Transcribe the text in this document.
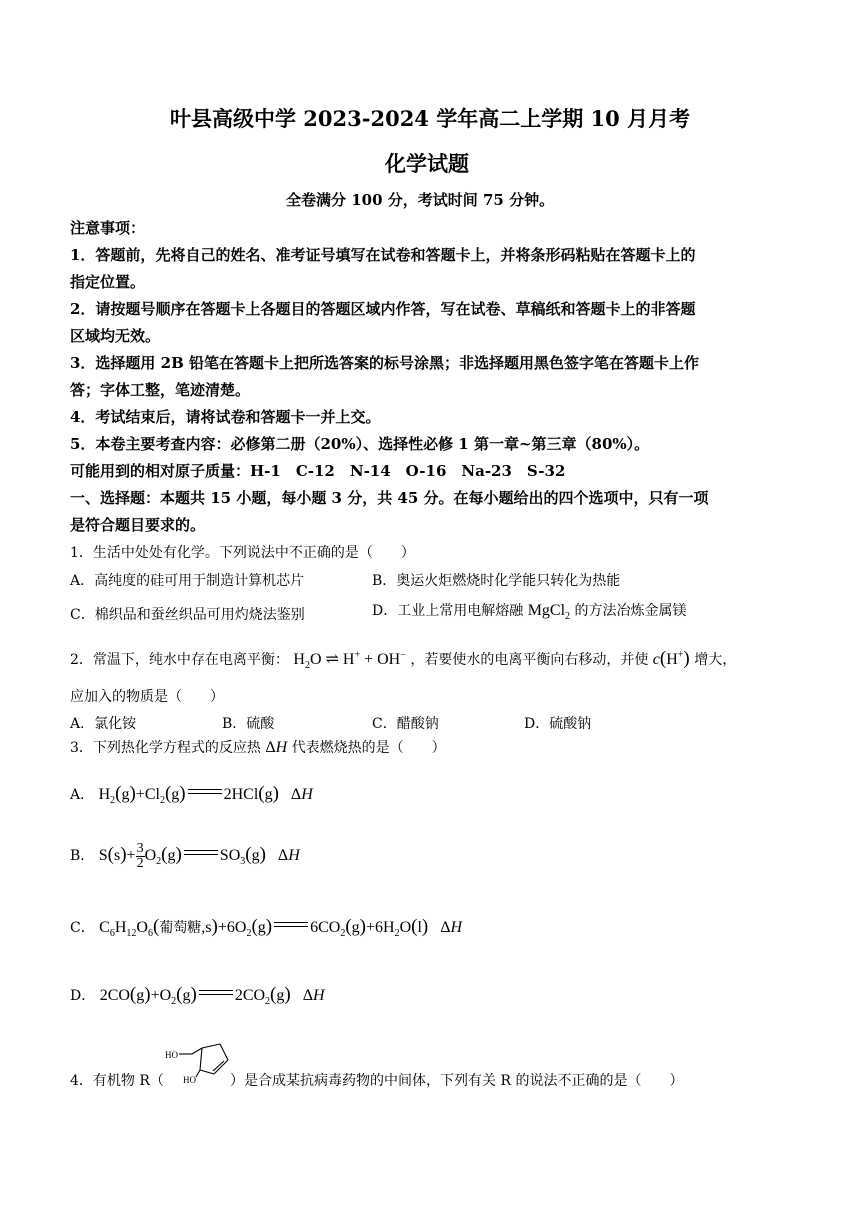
叶县高级中学 2023-2024 学年高二上学期 10 月月考
化学试题
全卷满分 100 分，考试时间 75 分钟。
注意事项：
1．答题前，先将自己的姓名、准考证号填写在试卷和答题卡上，并将条形码粘贴在答题卡上的
指定位置。
2．请按题号顺序在答题卡上各题目的答题区域内作答，写在试卷、草稿纸和答题卡上的非答题
区域均无效。
3．选择题用 2B 铅笔在答题卡上把所选答案的标号涂黑；非选择题用黑色签字笔在答题卡上作
答；字体工整，笔迹清楚。
4．考试结束后，请将试卷和答题卡一并上交。
5．本卷主要考查内容：必修第二册（20%）、选择性必修 1 第一章~第三章（80%）。
可能用到的相对原子质量：H-1　C-12　N-14　O-16　Na-23　S-32
一、选择题：本题共 15 小题，每小题 3 分，共 45 分。在每小题给出的四个选项中，只有一项
是符合题目要求的。
1．生活中处处有化学。下列说法中不正确的是（　　）
A．高纯度的硅可用于制造计算机芯片	B．奥运火炬燃烧时化学能只转化为热能
C．棉织品和蚕丝织品可用灼烧法鉴别	D．工业上常用电解熔融 MgCl$_2$ 的方法冶炼金属镁
2．常温下，纯水中存在电离平衡： $H_2O$ ⇌ H+ + OH− ，若要使水的电离平衡向右移动，并使 c(H+) 增大，
应加入的物质是（　　）
A．氯化铵	B．硫酸	C．醋酸钠	D．硫酸钠
3．下列热化学方程式的反应热 ΔH 代表燃烧热的是（　　）
A． $H_2(g)+Cl_2(g)$ 2HCl(g)   ΔH
B． $S(s)+ \frac{3}{2} O_2(g)$ $SO_3(g)$   ΔH
C． $C_6H_{12}O_6$(葡萄糖$,s)+6O_2(g)$ $6CO_2(g)+6H_2O(l)$   ΔH
D． $2CO(g)+O_2(g)$ $2CO_2(g)$   ΔH
4．有机物 R（
HO
HO ）是合成某抗病毒药物的中间体，下列有关 R 的说法不正确的是（　　）
